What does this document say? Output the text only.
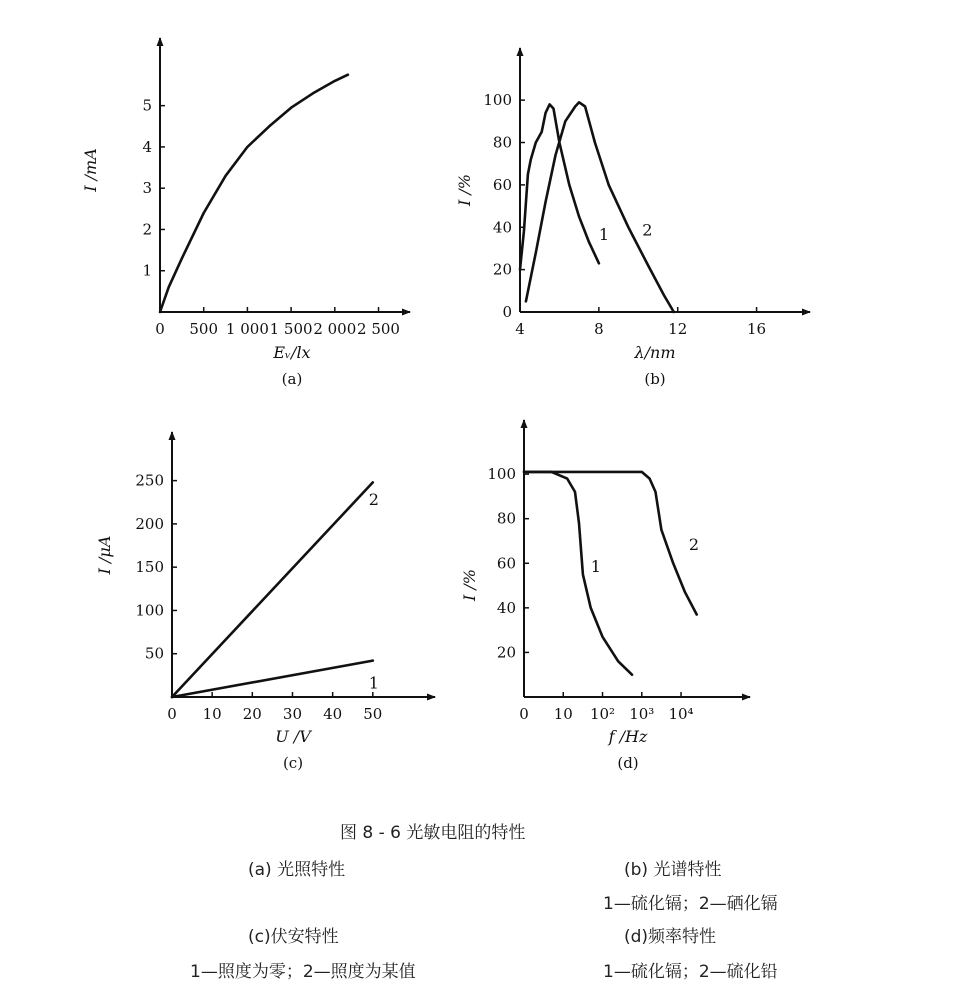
0 500 1 000 1 500 2 000 2 500
1
2
3
4
5
Eᵥ/lx
I /mA
(a)
4	8	12	16
0
20
40
60
80
100
1 2
λ/nm
I /%
(b)
0 10 20 30 40 50
50
100
150
200
250
1
2
U /V
I /μA
(c)
0 10 10² 10³ 10⁴
20
40
60
80
100
1
2
f /Hz
I /%
(d)
图 8 - 6 光敏电阻的特性
(a) 光照特性	(b) 光谱特性
1—硫化镉；2—硒化镉
(c)伏安特性	(d)频率特性
1—照度为零；2—照度为某值	1—硫化镉；2—硫化铅
